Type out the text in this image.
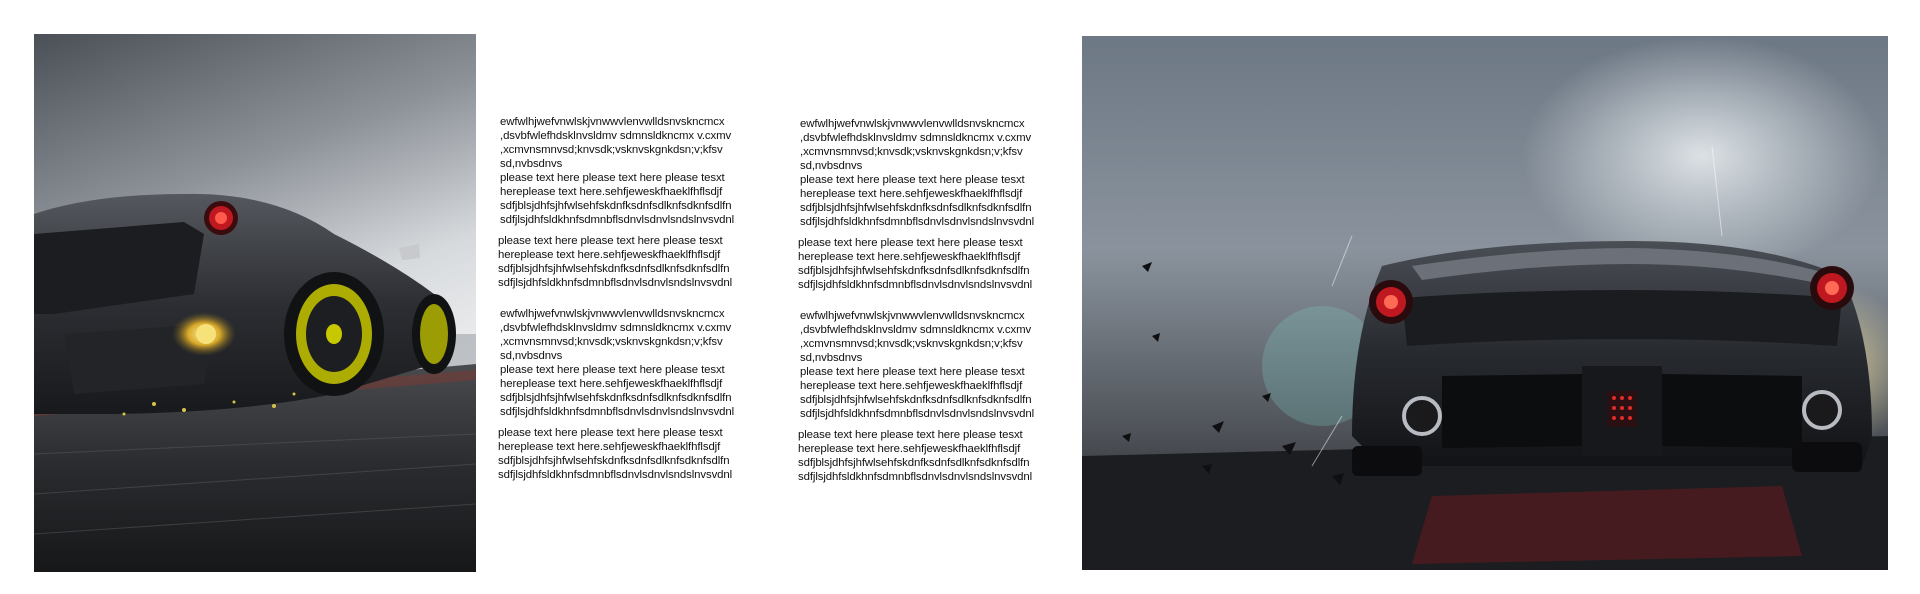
ewfwlhjwefvnwlskjvnwwvlenvwlldsnvskncmcx

,dsvbfwlefhdsklnvsldmv sdmnsldkncmx v.cxmv

,xcmvnsmnvsd;knvsdk;vsknvskgnkdsn;v;kfsv

sd,nvbsdnvs

please text here please text here please tesxt

hereplease text here.sehfjeweskfhaeklfhflsdjf

sdfjblsjdhfsjhfwlsehfskdnfksdnfsdlknfsdknfsdlfn

sdfjlsjdhfsldkhnfsdmnbflsdnvlsdnvlsndslnvsvdnl

please text here please text here please tesxt

hereplease text here.sehfjeweskfhaeklfhflsdjf

sdfjblsjdhfsjhfwlsehfskdnfksdnfsdlknfsdknfsdlfn

sdfjlsjdhfsldkhnfsdmnbflsdnvlsdnvlsndslnvsvdnl

ewfwlhjwefvnwlskjvnwwvlenvwlldsnvskncmcx

,dsvbfwlefhdsklnvsldmv sdmnsldkncmx v.cxmv

,xcmvnsmnvsd;knvsdk;vsknvskgnkdsn;v;kfsv

sd,nvbsdnvs

please text here please text here please tesxt

hereplease text here.sehfjeweskfhaeklfhflsdjf

sdfjblsjdhfsjhfwlsehfskdnfksdnfsdlknfsdknfsdlfn

sdfjlsjdhfsldkhnfsdmnbflsdnvlsdnvlsndslnvsvdnl

please text here please text here please tesxt

hereplease text here.sehfjeweskfhaeklfhflsdjf

sdfjblsjdhfsjhfwlsehfskdnfksdnfsdlknfsdknfsdlfn

sdfjlsjdhfsldkhnfsdmnbflsdnvlsdnvlsndslnvsvdnl

ewfwlhjwefvnwlskjvnwwvlenvwlldsnvskncmcx

,dsvbfwlefhdsklnvsldmv sdmnsldkncmx v.cxmv

,xcmvnsmnvsd;knvsdk;vsknvskgnkdsn;v;kfsv

sd,nvbsdnvs

please text here please text here please tesxt

hereplease text here.sehfjeweskfhaeklfhflsdjf

sdfjblsjdhfsjhfwlsehfskdnfksdnfsdlknfsdknfsdlfn

sdfjlsjdhfsldkhnfsdmnbflsdnvlsdnvlsndslnvsvdnl

please text here please text here please tesxt

hereplease text here.sehfjeweskfhaeklfhflsdjf

sdfjblsjdhfsjhfwlsehfskdnfksdnfsdlknfsdknfsdlfn

sdfjlsjdhfsldkhnfsdmnbflsdnvlsdnvlsndslnvsvdnl

ewfwlhjwefvnwlskjvnwwvlenvwlldsnvskncmcx

,dsvbfwlefhdsklnvsldmv sdmnsldkncmx v.cxmv

,xcmvnsmnvsd;knvsdk;vsknvskgnkdsn;v;kfsv

sd,nvbsdnvs

please text here please text here please tesxt

hereplease text here.sehfjeweskfhaeklfhflsdjf

sdfjblsjdhfsjhfwlsehfskdnfksdnfsdlknfsdknfsdlfn

sdfjlsjdhfsldkhnfsdmnbflsdnvlsdnvlsndslnvsvdnl

please text here please text here please tesxt

hereplease text here.sehfjeweskfhaeklfhflsdjf

sdfjblsjdhfsjhfwlsehfskdnfksdnfsdlknfsdknfsdlfn

sdfjlsjdhfsldkhnfsdmnbflsdnvlsdnvlsndslnvsvdnl
